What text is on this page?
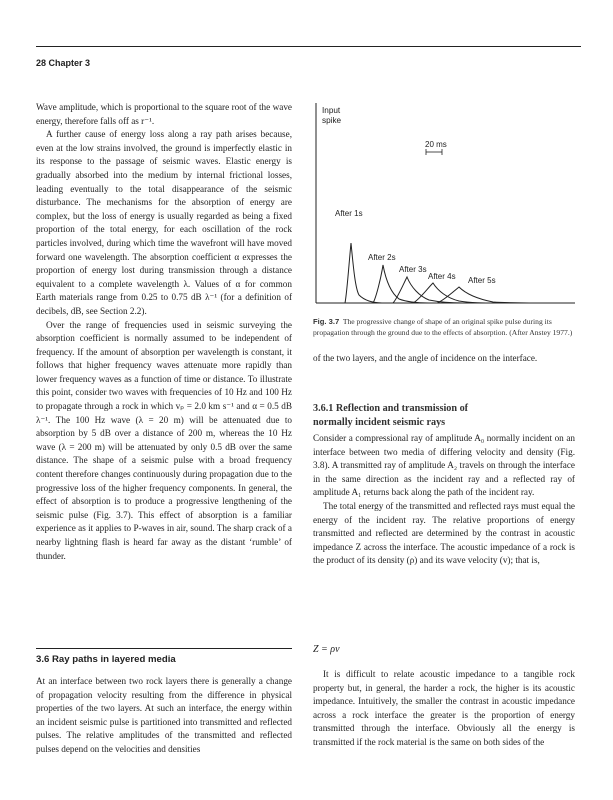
28 Chapter 3

Wave amplitude, which is proportional to the square root of the wave energy, therefore falls off as r⁻¹.

A further cause of energy loss along a ray path arises because, even at the low strains involved, the ground is imperfectly elastic in its response to the passage of seismic waves. Elastic energy is gradually absorbed into the medium by internal frictional losses, leading eventually to the total disappearance of the seismic disturbance. The mechanisms for the absorption of energy are complex, but the loss of energy is usually regarded as being a fixed proportion of the total energy, for each oscillation of the rock particles involved, during which time the wavefront will have moved forward one wavelength. The absorption coefficient α expresses the proportion of energy lost during transmission through a distance equivalent to a complete wavelength λ. Values of α for common Earth materials range from 0.25 to 0.75 dB λ⁻¹ (for a definition of decibels, dB, see Section 2.2).

Over the range of frequencies used in seismic surveying the absorption coefficient is normally assumed to be independent of frequency. If the amount of absorption per wavelength is constant, it follows that higher frequency waves attenuate more rapidly than lower frequency waves as a function of time or distance. To illustrate this point, consider two waves with frequencies of 10 Hz and 100 Hz to propagate through a rock in which vₚ = 2.0 km s⁻¹ and α = 0.5 dB λ⁻¹. The 100 Hz wave (λ = 20 m) will be attenuated due to absorption by 5 dB over a distance of 200 m, whereas the 10 Hz wave (λ = 200 m) will be attenuated by only 0.5 dB over the same distance. The shape of a seismic pulse with a broad frequency content therefore changes continuously during propagation due to the progressive loss of the higher frequency components. In general, the effect of absorption is to produce a progressive lengthening of the seismic pulse (Fig. 3.7). This effect of absorption is a familiar experience as it applies to P-waves in air, sound. The sharp crack of a nearby lightning flash is heard far away as the distant ‘rumble’ of thunder.

3.6 Ray paths in layered media

At an interface between two rock layers there is generally a change of propagation velocity resulting from the difference in physical properties of the two layers. At such an interface, the energy within an incident seismic pulse is partitioned into transmitted and reflected pulses. The relative amplitudes of the transmitted and reflected pulses depend on the velocities and densities

Input
spike
20 ms
After 1s
After 2s
After 3s
After 4s After 5s
Fig. 3.7 The progressive change of shape of an original spike pulse during its propagation through the ground due to the effects of absorption. (After Anstey 1977.)

of the two layers, and the angle of incidence on the interface.

3.6.1 Reflection and transmission of
normally incident seismic rays

Consider a compressional ray of amplitude A₀ normally incident on an interface between two media of differing velocity and density (Fig. 3.8). A transmitted ray of amplitude A₂ travels on through the interface in the same direction as the incident ray and a reflected ray of amplitude A₁ returns back along the path of the incident ray.

The total energy of the transmitted and reflected rays must equal the energy of the incident ray. The relative proportions of energy transmitted and reflected are determined by the contrast in acoustic impedance Z across the interface. The acoustic impedance of a rock is the product of its density (ρ) and its wave velocity (v); that is,

Z = ρv

It is difficult to relate acoustic impedance to a tangible rock property but, in general, the harder a rock, the higher is its acoustic impedance. Intuitively, the smaller the contrast in acoustic impedance across a rock interface the greater is the proportion of energy transmitted through the interface. Obviously all the energy is transmitted if the rock material is the same on both sides of the
